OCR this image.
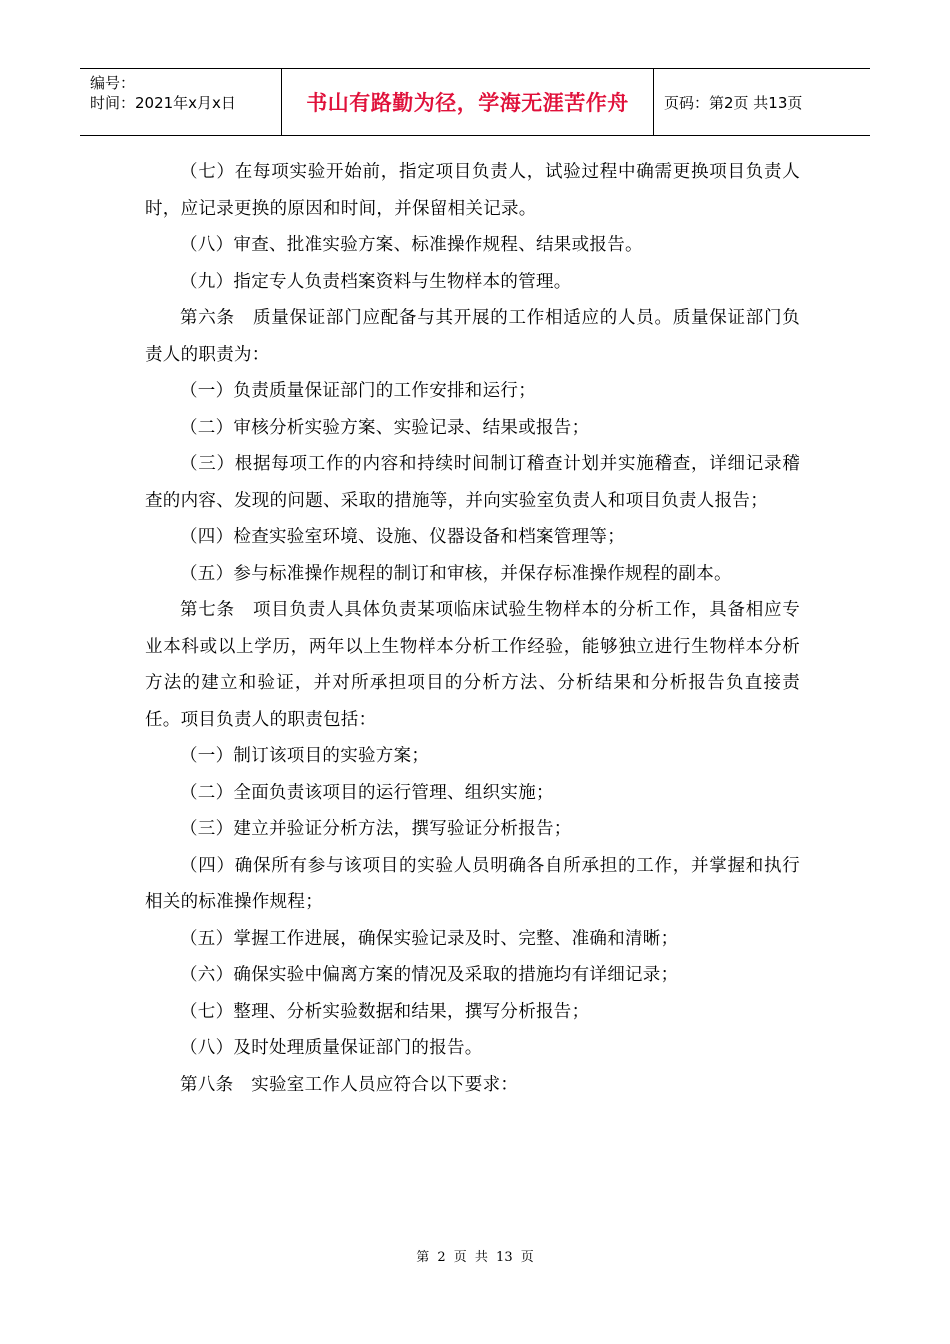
编号：
时间：2021年x月x日	书山有路勤为径，学海无涯苦作舟	页码：第2页 共13页

（七）在每项实验开始前，指定项目负责人，试验过程中确需更换项目负责人时，应记录更换的原因和时间，并保留相关记录。

（八）审查、批准实验方案、标准操作规程、结果或报告。

（九）指定专人负责档案资料与生物样本的管理。

第六条　质量保证部门应配备与其开展的工作相适应的人员。质量保证部门负责人的职责为：

（一）负责质量保证部门的工作安排和运行；

（二）审核分析实验方案、实验记录、结果或报告；

（三）根据每项工作的内容和持续时间制订稽查计划并实施稽查，详细记录稽查的内容、发现的问题、采取的措施等，并向实验室负责人和项目负责人报告；

（四）检查实验室环境、设施、仪器设备和档案管理等；

（五）参与标准操作规程的制订和审核，并保存标准操作规程的副本。

第七条　项目负责人具体负责某项临床试验生物样本的分析工作，具备相应专业本科或以上学历，两年以上生物样本分析工作经验，能够独立进行生物样本分析方法的建立和验证，并对所承担项目的分析方法、分析结果和分析报告负直接责任。项目负责人的职责包括：

（一）制订该项目的实验方案；

（二）全面负责该项目的运行管理、组织实施；

（三）建立并验证分析方法，撰写验证分析报告；

（四）确保所有参与该项目的实验人员明确各自所承担的工作，并掌握和执行相关的标准操作规程；

（五）掌握工作进展，确保实验记录及时、完整、准确和清晰；

（六）确保实验中偏离方案的情况及采取的措施均有详细记录；

（七）整理、分析实验数据和结果，撰写分析报告；

（八）及时处理质量保证部门的报告。

第八条　实验室工作人员应符合以下要求：

第 2 页 共 13 页
